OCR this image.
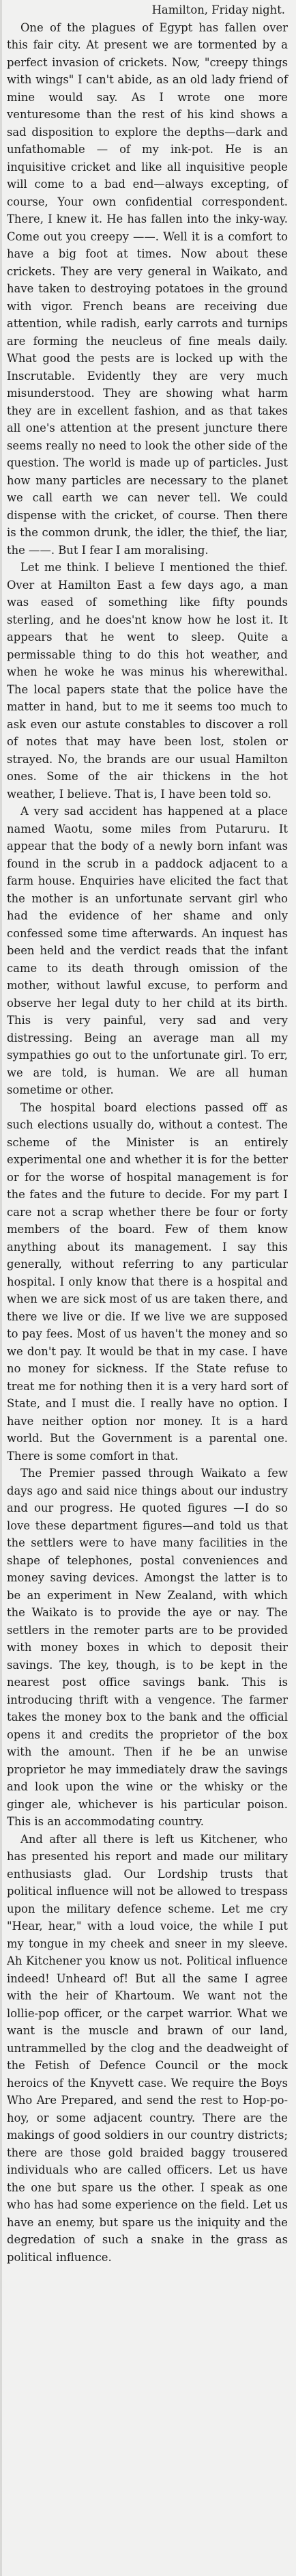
Hamilton, Friday night.

One of the plagues of Egypt has fallen over this fair city. At present we are tormented by a perfect invasion of crickets. Now, "creepy things with wings" I can't abide, as an old lady friend of mine would say. As I wrote one more venturesome than the rest of his kind shows a sad disposition to explore the depths—dark and unfathomable — of my ink-pot. He is an inquisitive cricket and like all inquisitive people will come to a bad end—always excepting, of course, Your own confidential correspondent. There, I knew it. He has fallen into the inky-way. Come out you creepy ——. Well it is a comfort to have a big foot at times. Now about these crickets. They are very general in Waikato, and have taken to destroying potatoes in the ground with vigor. French beans are receiving due attention, while radish, early carrots and turnips are forming the neucleus of fine meals daily. What good the pests are is locked up with the Inscrutable. Evidently they are very much misunderstood. They are showing what harm they are in excellent fashion, and as that takes all one's attention at the present juncture there seems really no need to look the other side of the question. The world is made up of particles. Just how many particles are necessary to the planet we call earth we can never tell. We could dispense with the cricket, of course. Then there is the common drunk, the idler, the thief, the liar, the ——. But I fear I am moralising.

Let me think. I believe I mentioned the thief. Over at Hamilton East a few days ago, a man was eased of something like fifty pounds sterling, and he does'nt know how he lost it. It appears that he went to sleep. Quite a permissable thing to do this hot weather, and when he woke he was minus his wherewithal. The local papers state that the police have the matter in hand, but to me it seems too much to ask even our astute constables to discover a roll of notes that may have been lost, stolen or strayed. No, the brands are our usual Hamilton ones. Some of the air thickens in the hot weather, I believe. That is, I have been told so.

A very sad accident has happened at a place named Waotu, some miles from Putaruru. It appear that the body of a newly born infant was found in the scrub in a paddock adjacent to a farm house. Enquiries have elicited the fact that the mother is an unfortunate servant girl who had the evidence of her shame and only confessed some time afterwards. An inquest has been held and the verdict reads that the infant came to its death through omission of the mother, without lawful excuse, to perform and observe her legal duty to her child at its birth. This is very painful, very sad and very distressing. Being an average man all my sympathies go out to the unfortunate girl. To err, we are told, is human. We are all human sometime or other.

The hospital board elections passed off as such elections usually do, without a contest. The scheme of the Minister is an entirely experimental one and whether it is for the better or for the worse of hospital management is for the fates and the future to decide. For my part I care not a scrap whether there be four or forty members of the board. Few of them know anything about its management. I say this generally, without referring to any particular hospital. I only know that there is a hospital and when we are sick most of us are taken there, and there we live or die. If we live we are supposed to pay fees. Most of us haven't the money and so we don't pay. It would be that in my case. I have no money for sickness. If the State refuse to treat me for nothing then it is a very hard sort of State, and I must die. I really have no option. I have neither option nor money. It is a hard world. But the Government is a parental one. There is some comfort in that.

The Premier passed through Waikato a few days ago and said nice things about our industry and our progress. He quoted figures —I do so love these department figures—and told us that the settlers were to have many facilities in the shape of telephones, postal conveniences and money saving devices. Amongst the latter is to be an experiment in New Zealand, with which the Waikato is to provide the aye or nay. The settlers in the remoter parts are to be provided with money boxes in which to deposit their savings. The key, though, is to be kept in the nearest post office savings bank. This is introducing thrift with a vengence. The farmer takes the money box to the bank and the official opens it and credits the proprietor of the box with the amount. Then if he be an unwise proprietor he may immediately draw the savings and look upon the wine or the whisky or the ginger ale, whichever is his particular poison. This is an accommodating country.

And after all there is left us Kitchener, who has presented his report and made our military enthusiasts glad. Our Lordship trusts that political influence will not be allowed to trespass upon the military defence scheme. Let me cry "Hear, hear," with a loud voice, the while I put my tongue in my cheek and sneer in my sleeve. Ah Kitchener you know us not. Political influence indeed! Unheard of! But all the same I agree with the heir of Khartoum. We want not the lollie-pop officer, or the carpet warrior. What we want is the muscle and brawn of our land, untrammelled by the clog and the deadweight of the Fetish of Defence Council or the mock heroics of the Knyvett case. We require the Boys Who Are Prepared, and send the rest to Hop-po-hoy, or some adjacent country. There are the makings of good soldiers in our country districts; there are those gold braided baggy trousered individuals who are called officers. Let us have the one but spare us the other. I speak as one who has had some experience on the field. Let us have an enemy, but spare us the iniquity and the degredation of such a snake in the grass as political influence.
